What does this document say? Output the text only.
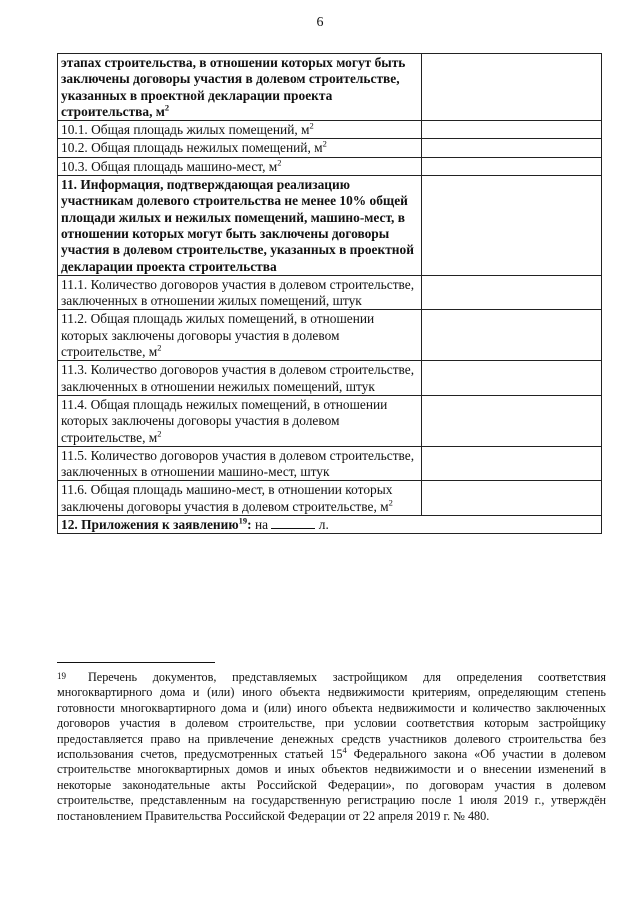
6
этапах строительства, в отношении которых могут быть заключены договоры участия в долевом строительстве, указанных в проектной декларации проекта строительства, $м^2$	
10.1. Общая площадь жилых помещений, $м^2$	
10.2. Общая площадь нежилых помещений, $м^2$	
10.3. Общая площадь машино-мест, $м^2$	
11. Информация, подтверждающая реализацию участникам долевого строительства не менее 10% общей площади жилых и нежилых помещений, машино-мест, в отношении которых могут быть заключены договоры участия в долевом строительстве, указанных в проектной декларации проекта строительства	
11.1. Количество договоров участия в долевом строительстве, заключенных в отношении жилых помещений, штук	
11.2. Общая площадь жилых помещений, в отношении которых заключены договоры участия в долевом строительстве, $м^2$	
11.3. Количество договоров участия в долевом строительстве, заключенных в отношении нежилых помещений, штук	
11.4. Общая площадь нежилых помещений, в отношении которых заключены договоры участия в долевом строительстве, $м^2$	
11.5. Количество договоров участия в долевом строительстве, заключенных в отношении машино-мест, штук	
11.6. Общая площадь машино-мест, в отношении которых заключены договоры участия в долевом строительстве, $м^2$	
12. Приложения к заявлению$^{19}$: на л.	
$^{19}$ Перечень документов, представляемых застройщиком для определения соответствия многоквартирного дома и (или) иного объекта недвижимости критериям, определяющим степень готовности многоквартирного дома и (или) иного объекта недвижимости и количество заключенных договоров участия в долевом строительстве, при условии соответствия которым застройщику предоставляется право на привлечение денежных средств участников долевого строительства без использования счетов, предусмотренных статьей $15^4$ Федерального закона «Об участии в долевом строительстве многоквартирных домов и иных объектов недвижимости и о внесении изменений в некоторые законодательные акты Российской Федерации», по договорам участия в долевом строительстве, представленным на государственную регистрацию после 1 июля 2019 г., утверждён постановлением Правительства Российской Федерации от 22 апреля 2019 г. № 480.
